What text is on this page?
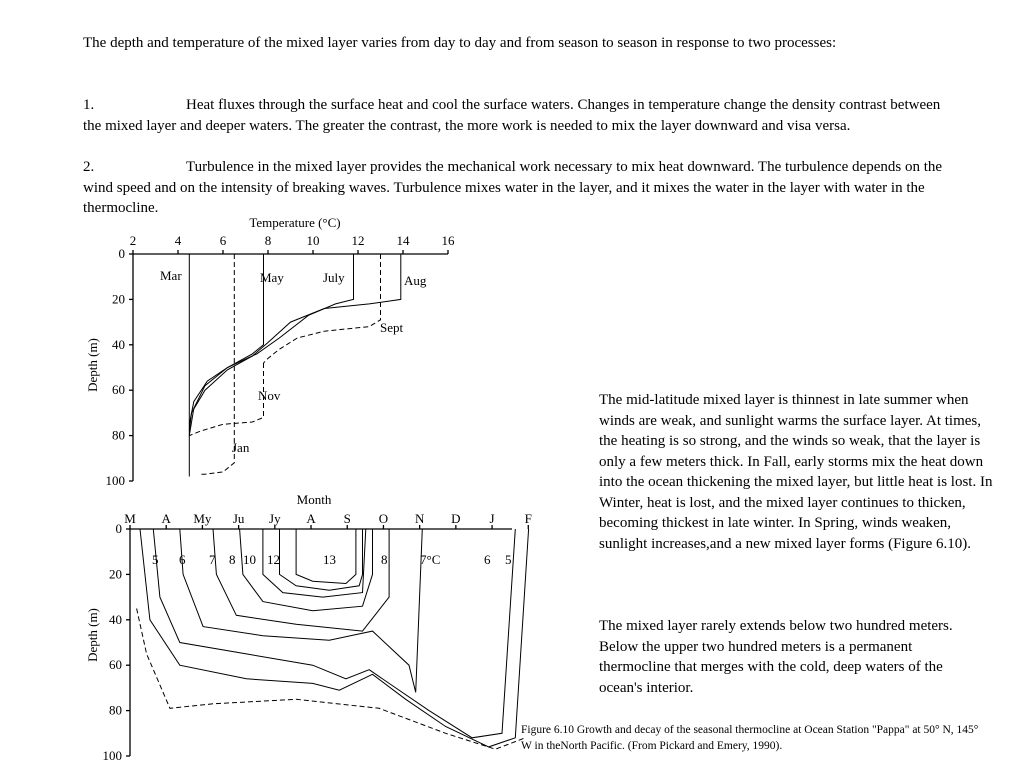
The depth and temperature of the mixed layer varies from day to day and from season to season in response to two processes:
1.	Heat fluxes through the surface heat and cool the surface waters. Changes in temperature change the density contrast between the mixed layer and deeper waters. The greater the contrast, the more work is needed to mix the layer downward and visa versa.
2.	Turbulence in the mixed layer provides the mechanical work necessary to mix heat downward. The turbulence depends on the wind speed and on the intensity of breaking waves. Turbulence mixes water in the layer, and it mixes the water in the layer with water in the thermocline.
The mid-latitude mixed layer is thinnest in late summer when winds are weak, and sunlight warms the surface layer. At times, the heating is so strong, and the winds so weak, that the layer is only a few meters thick. In Fall, early storms mix the heat down into the ocean thickening the mixed layer, but little heat is lost. In Winter, heat is lost, and the mixed layer continues to thicken, becoming thickest in late winter. In Spring, winds weaken, sunlight increases,and a new mixed layer forms (Figure 6.10).
The mixed layer rarely extends below two hundred meters. Below the upper two hundred meters is a permanent thermocline that merges with the cold, deep waters of the ocean's interior.
Figure 6.10 Growth and decay of the seasonal thermocline at Ocean Station "Pappa" at 50° N, 145° W in theNorth Pacific. (From Pickard and Emery, 1990).
2	4	6	8	10 12 14 16
0
20
40
60
80
100
Temperature (°C)
Depth (m)
Mar	May	July	Aug
Sept
Nov
Jan
M A My Ju Jy A S O N D J F
0
20
40
60
80
100
Month
Depth (m)
5 6 7 8 10 12	13	8	7°C	6 5
